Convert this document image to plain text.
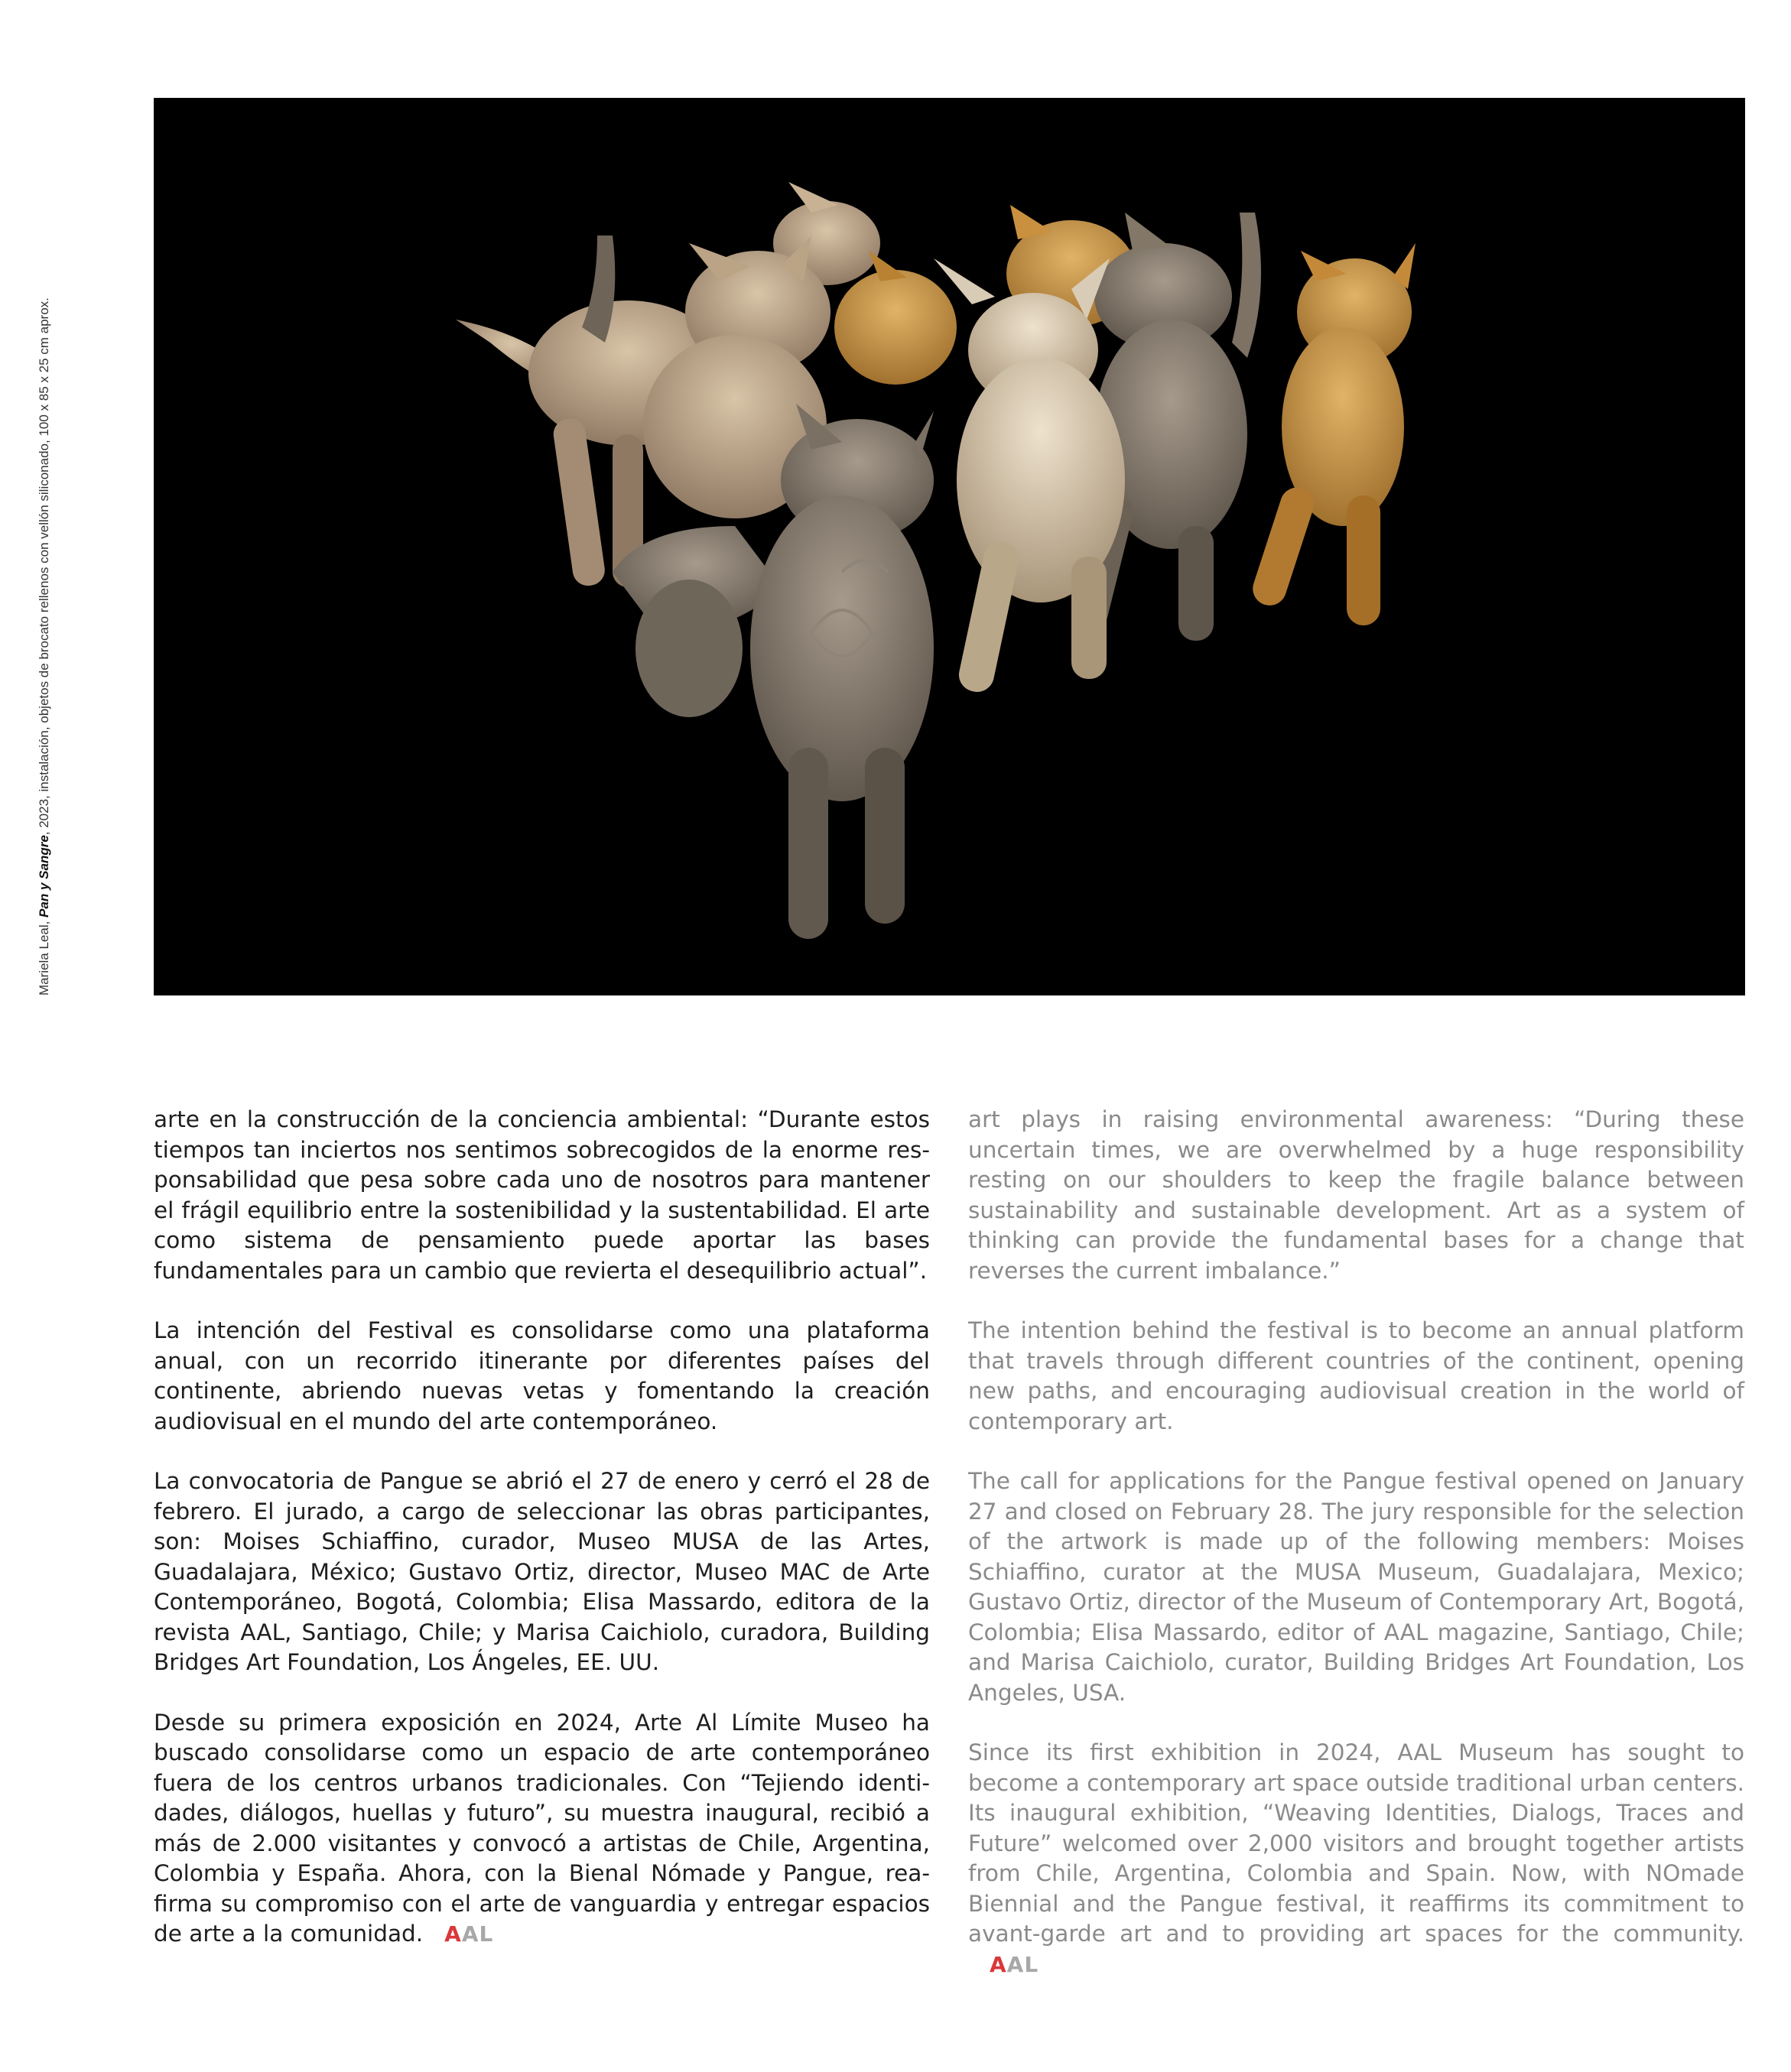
Mariela Leal, Pan y Sangre, 2023, instalación, objetos de brocato rellenos con vellón siliconado, 100 x 85 x 25 cm aprox.

arte en la construcción de la conciencia ambiental: “Durante estos tiempos tan inciertos nos sentimos sobrecogidos de la enorme responsabilidad que pesa sobre cada uno de nosotros para mantener el frágil equilibrio entre la sostenibilidad y la sustentabilidad. El arte como sistema de pensamiento puede aportar las bases fundamentales para un cambio que revierta el desequilibrio actual”.

La intención del Festival es consolidarse como una plataforma anual, con un recorrido itinerante por diferentes países del continente, abriendo nuevas vetas y fomentando la creación audiovisual en el mundo del arte contemporáneo.

La convocatoria de Pangue se abrió el 27 de enero y cerró el 28 de febrero. El jurado, a cargo de seleccionar las obras participantes, son: Moises Schiaffino, curador, Museo MUSA de las Artes, Guadalajara, México; Gustavo Ortiz, director, Museo MAC de Arte Contemporáneo, Bogotá, Colombia; Elisa Massardo, editora de la revista AAL, Santiago, Chile; y Marisa Caichiolo, curadora, Building Bridges Art Foundation, Los Ángeles, EE. UU.

Desde su primera exposición en 2024, Arte Al Límite Museo ha buscado consolidarse como un espacio de arte contemporáneo fuera de los centros urbanos tradicionales. Con “Tejiendo identidades, diálogos, huellas y futuro”, su muestra inaugural, recibió a más de 2.000 visitantes y convocó a artistas de Chile, Argentina, Colombia y España. Ahora, con la Bienal Nómade y Pangue, reafirma su compromiso con el arte de vanguardia y entregar espacios de arte a la comunidad. AAL

art plays in raising environmental awareness: “During these uncertain times, we are overwhelmed by a huge responsibility resting on our shoulders to keep the fragile balance between sustainability and sustainable development. Art as a system of thinking can provide the fundamental bases for a change that reverses the current imbalance.”

The intention behind the festival is to become an annual platform that travels through different countries of the continent, opening new paths, and encouraging audiovisual creation in the world of contemporary art.

The call for applications for the Pangue festival opened on January 27 and closed on February 28. The jury responsible for the selection of the artwork is made up of the following members: Moises Schiaffino, curator at the MUSA Museum, Guadalajara, Mexico; Gustavo Ortiz, director of the Museum of Contemporary Art, Bogotá, Colombia; Elisa Massardo, editor of AAL magazine, Santiago, Chile; and Marisa Caichiolo, curator, Building Bridges Art Foundation, Los Angeles, USA.

Since its first exhibition in 2024, AAL Museum has sought to become a contemporary art space outside traditional urban centers. Its inaugural exhibition, “Weaving Identities, Dialogs, Traces and Future” welcomed over 2,000 visitors and brought together artists from Chile, Argentina, Colombia and Spain. Now, with NOmade Biennial and the Pangue festival, it reaffirms its commitment to avant-garde art and to providing art spaces for the community.AAL
